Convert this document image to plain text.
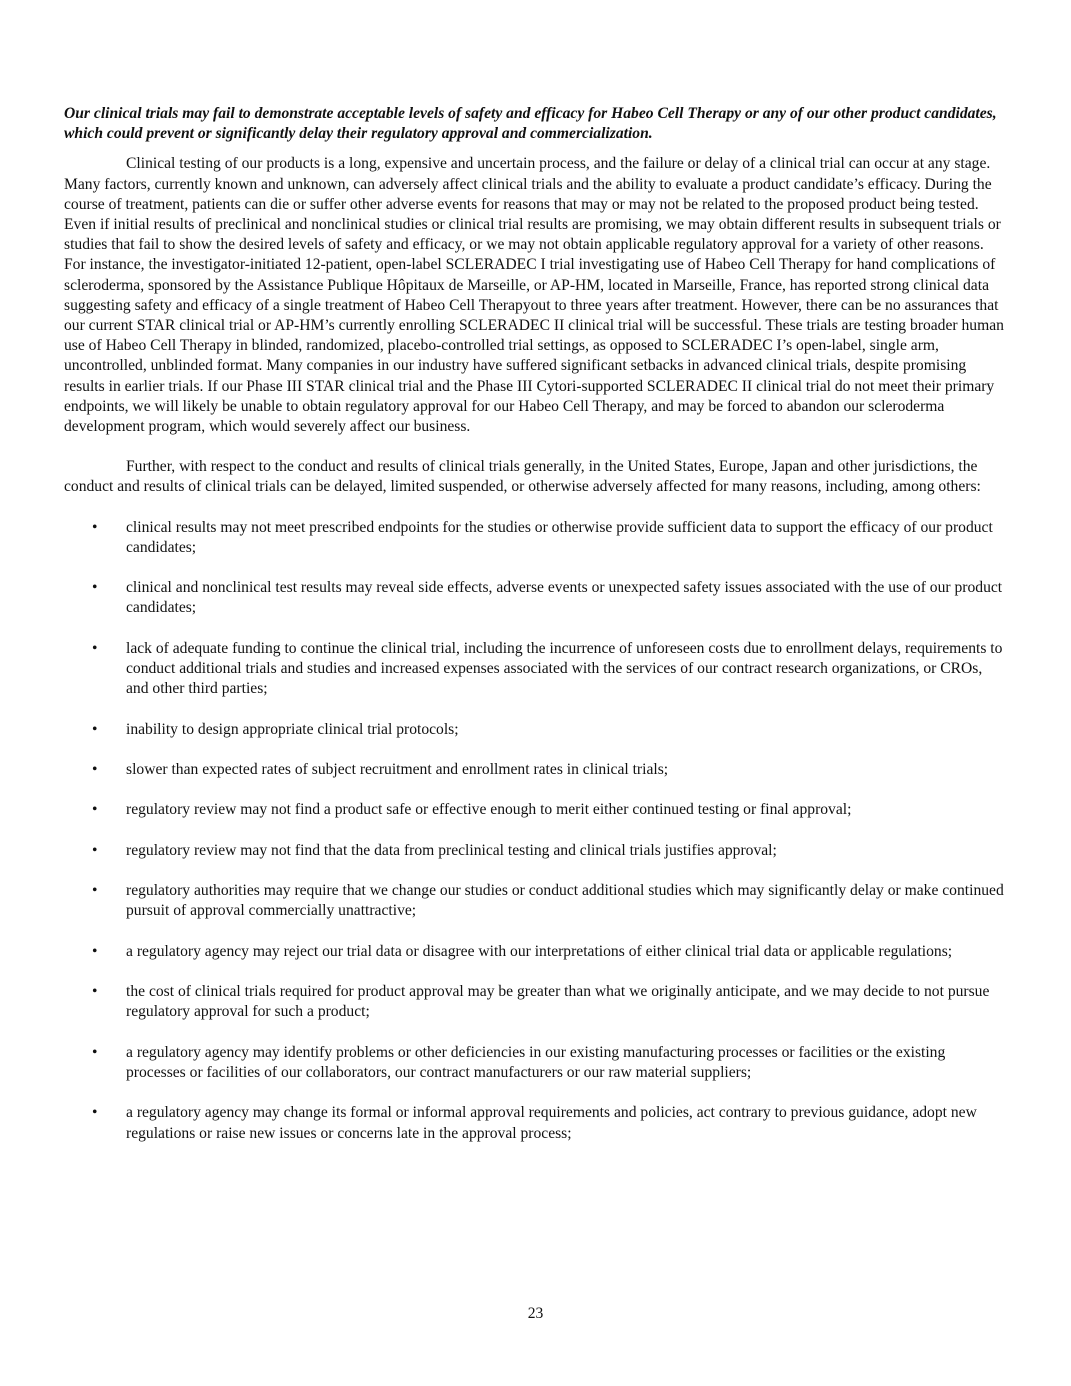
Our clinical trials may fail to demonstrate acceptable levels of safety and efficacy for Habeo Cell Therapy or any of our other product candidates, which could prevent or significantly delay their regulatory approval and commercialization.

Clinical testing of our products is a long, expensive and uncertain process, and the failure or delay of a clinical trial can occur at any stage. Many factors, currently known and unknown, can adversely affect clinical trials and the ability to evaluate a product candidate’s efficacy. During the course of treatment, patients can die or suffer other adverse events for reasons that may or may not be related to the proposed product being tested. Even if initial results of preclinical and nonclinical studies or clinical trial results are promising, we may obtain different results in subsequent trials or studies that fail to show the desired levels of safety and efficacy, or we may not obtain applicable regulatory approval for a variety of other reasons. For instance, the investigator-initiated 12-patient, open-label SCLERADEC I trial investigating use of Habeo Cell Therapy for hand complications of scleroderma, sponsored by the Assistance Publique Hôpitaux de Marseille, or AP-HM, located in Marseille, France, has reported strong clinical data suggesting safety and efficacy of a single treatment of Habeo Cell Therapyout to three years after treatment. However, there can be no assurances that our current STAR clinical trial or AP-HM’s currently enrolling SCLERADEC II clinical trial will be successful. These trials are testing broader human use of Habeo Cell Therapy in blinded, randomized, placebo-controlled trial settings, as opposed to SCLERADEC I’s open-label, single arm, uncontrolled, unblinded format. Many companies in our industry have suffered significant setbacks in advanced clinical trials, despite promising results in earlier trials. If our Phase III STAR clinical trial and the Phase III Cytori-supported SCLERADEC II clinical trial do not meet their primary endpoints, we will likely be unable to obtain regulatory approval for our Habeo Cell Therapy, and may be forced to abandon our scleroderma development program, which would severely affect our business.

Further, with respect to the conduct and results of clinical trials generally, in the United States, Europe, Japan and other jurisdictions, the conduct and results of clinical trials can be delayed, limited suspended, or otherwise adversely affected for many reasons, including, among others:

• clinical results may not meet prescribed endpoints for the studies or otherwise provide sufficient data to support the efficacy of our product candidates;
• clinical and nonclinical test results may reveal side effects, adverse events or unexpected safety issues associated with the use of our product candidates;
• lack of adequate funding to continue the clinical trial, including the incurrence of unforeseen costs due to enrollment delays, requirements to conduct additional trials and studies and increased expenses associated with the services of our contract research organizations, or CROs, and other third parties;
• inability to design appropriate clinical trial protocols;
• slower than expected rates of subject recruitment and enrollment rates in clinical trials;
• regulatory review may not find a product safe or effective enough to merit either continued testing or final approval;
• regulatory review may not find that the data from preclinical testing and clinical trials justifies approval;
• regulatory authorities may require that we change our studies or conduct additional studies which may significantly delay or make continued pursuit of approval commercially unattractive;
• a regulatory agency may reject our trial data or disagree with our interpretations of either clinical trial data or applicable regulations;
• the cost of clinical trials required for product approval may be greater than what we originally anticipate, and we may decide to not pursue regulatory approval for such a product;
• a regulatory agency may identify problems or other deficiencies in our existing manufacturing processes or facilities or the existing processes or facilities of our collaborators, our contract manufacturers or our raw material suppliers;
• a regulatory agency may change its formal or informal approval requirements and policies, act contrary to previous guidance, adopt new regulations or raise new issues or concerns late in the approval process;
23
